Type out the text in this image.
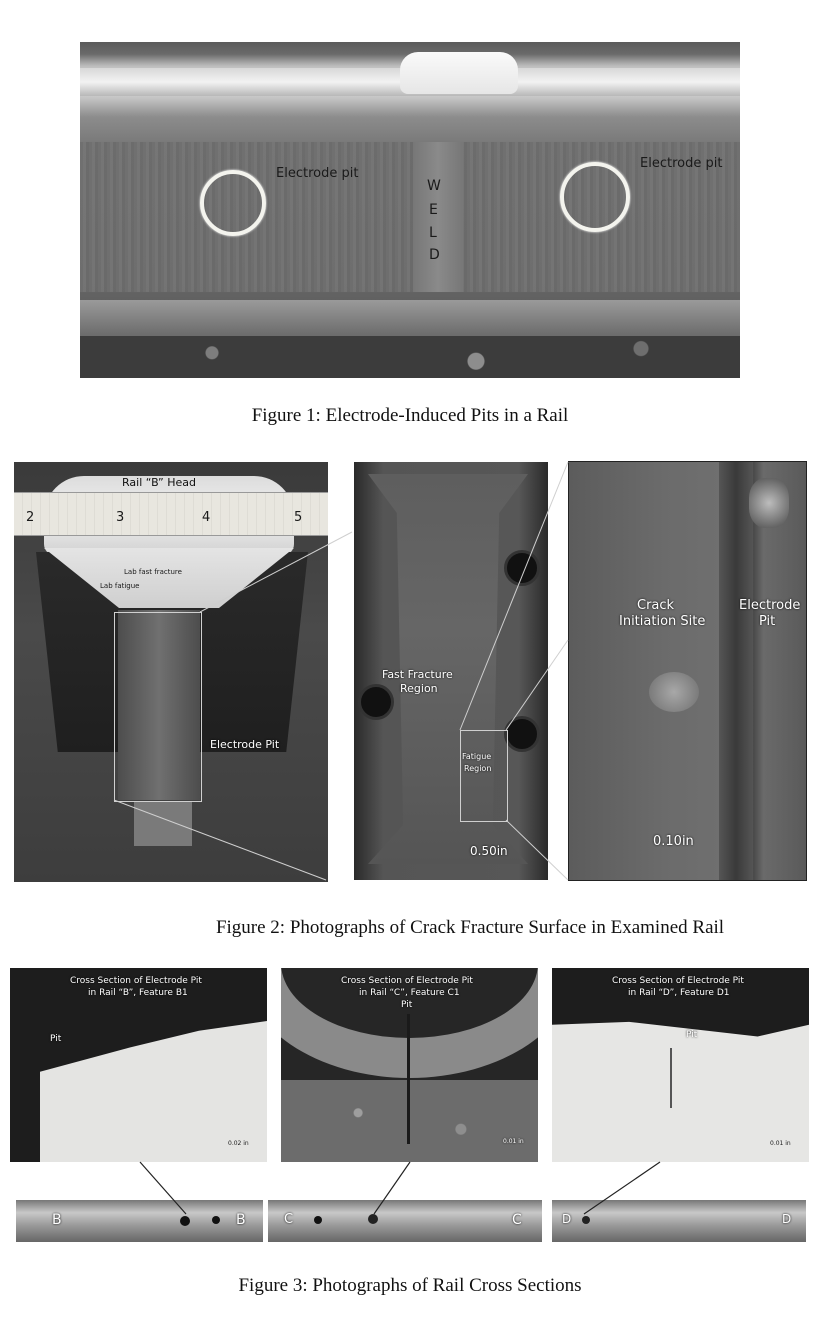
Electrode pit
Electrode pit
W
E
L
D
Figure 1: Electrode-Induced Pits in a Rail
Rail “B” Head
2	3	4	5
Lab fast fracture
Lab fatigue
Electrode Pit
Fast Fracture
Region
Fatigue
Region
0.50in
Crack
Initiation Site
Electrode
Pit
0.10in
Figure 2: Photographs of Crack Fracture Surface in Examined Rail
Cross Section of Electrode Pit
in Rail “B”, Feature B1
Pit
0.02 in
Cross Section of Electrode Pit
in Rail “C”, Feature C1
Pit
0.01 in
Cross Section of Electrode Pit
in Rail “D”, Feature D1
Pit
0.01 in
B	B	C	C	D	D
Figure 3: Photographs of Rail Cross Sections
